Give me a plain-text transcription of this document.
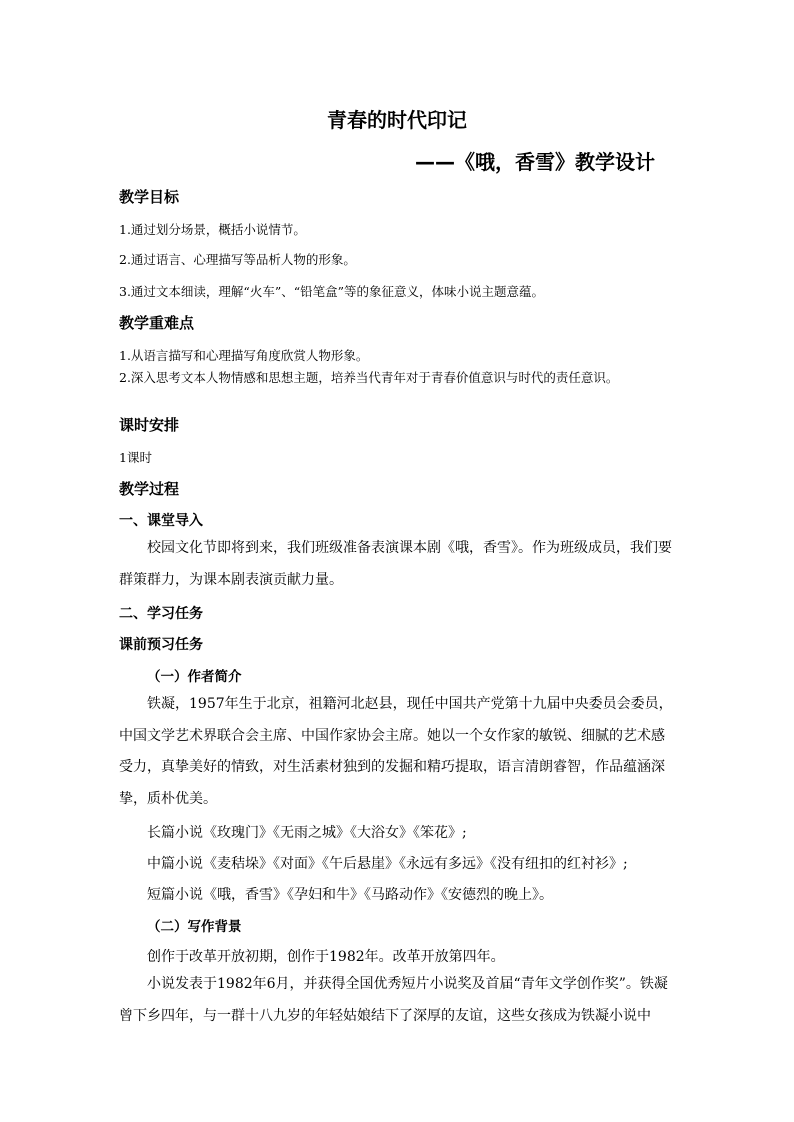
青春的时代印记
——《哦，香雪》教学设计
教学目标

1.通过划分场景，概括小说情节。

2.通过语言、心理描写等品析人物的形象。

3.通过文本细读，理解“火车”、“铅笔盒”等的象征意义，体味小说主题意蕴。

教学重难点

1.从语言描写和心理描写角度欣赏人物形象。

2.深入思考文本人物情感和思想主题，培养当代青年对于青春价值意识与时代的责任意识。

课时安排

1课时

教学过程
一、课堂导入

校园文化节即将到来，我们班级准备表演课本剧《哦，香雪》。作为班级成员，我们要群策群力，为课本剧表演贡献力量。

二、学习任务
课前预习任务
（一）作者简介

铁凝，1957年生于北京，祖籍河北赵县，现任中国共产党第十九届中央委员会委员，中国文学艺术界联合会主席、中国作家协会主席。她以一个女作家的敏锐、细腻的艺术感受力，真挚美好的情致，对生活素材独到的发掘和精巧提取，语言清朗睿智，作品蕴涵深挚，质朴优美。

长篇小说《玫瑰门》《无雨之城》《大浴女》《笨花》;

中篇小说《麦秸垛》《对面》《午后悬崖》《永远有多远》《没有纽扣的红衬衫》;

短篇小说《哦，香雪》《孕妇和牛》《马路动作》《安德烈的晚上》。

（二）写作背景

创作于改革开放初期，创作于1982年。改革开放第四年。

小说发表于1982年6月，并获得全国优秀短片小说奖及首届“青年文学创作奖”。铁凝曾下乡四年，与一群十八九岁的年轻姑娘结下了深厚的友谊，这些女孩成为铁凝小说中
